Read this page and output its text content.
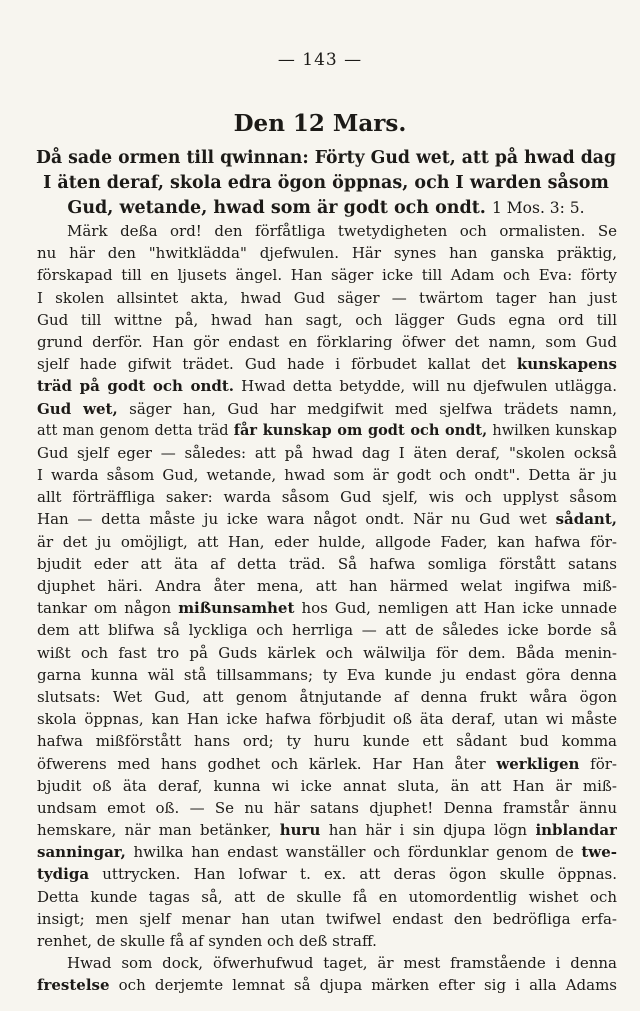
— 143 —
Den 12 Mars.
Då sade ormen till qwinnan: Förty Gud wet, att på hwad dag
I äten deraf, skola edra ögon öppnas, och I warden såsom
Gud, wetande, hwad som är godt och ondt. 1 Mos. 3: 5.
Märk deßa ord! den förfåtliga twetydigheten och ormalisten. Se
nu här den "hwitklädda" djefwulen. Här synes han ganska präktig,
förskapad till en ljusets ängel. Han säger icke till Adam och Eva: förty
I skolen allsintet akta, hwad Gud säger — twärtom tager han just
Gud till wittne på, hwad han sagt, och lägger Guds egna ord till
grund derför. Han gör endast en förklaring öfwer det namn, som Gud
sjelf hade gifwit trädet. Gud hade i förbudet kallat det kunskapens
träd på godt och ondt. Hwad detta betydde, will nu djefwulen utlägga.
Gud wet, säger han, Gud har medgifwit med sjelfwa trädets namn,
att man genom detta träd får kunskap om godt och ondt, hwilken kunskap
Gud sjelf eger — således: att på hwad dag I äten deraf, "skolen också
I warda såsom Gud, wetande, hwad som är godt och ondt". Detta är ju
allt förträffliga saker: warda såsom Gud sjelf, wis och upplyst såsom
Han — detta måste ju icke wara något ondt. När nu Gud wet sådant,
är det ju omöjligt, att Han, eder hulde, allgode Fader, kan hafwa för-
bjudit eder att äta af detta träd. Så hafwa somliga förstått satans
djuphet häri. Andra åter mena, att han härmed welat ingifwa miß-
tankar om någon mißunsamhet hos Gud, nemligen att Han icke unnade
dem att blifwa så lyckliga och herrliga — att de således icke borde så
wißt och fast tro på Guds kärlek och wälwilja för dem. Båda menin-
garna kunna wäl stå tillsammans; ty Eva kunde ju endast göra denna
slutsats: Wet Gud, att genom åtnjutande af denna frukt wåra ögon
skola öppnas, kan Han icke hafwa förbjudit oß äta deraf, utan wi måste
hafwa mißförstått hans ord; ty huru kunde ett sådant bud komma
öfwerens med hans godhet och kärlek. Har Han åter werkligen för-
bjudit oß äta deraf, kunna wi icke annat sluta, än att Han är miß-
undsam emot oß. — Se nu här satans djuphet! Denna framstår ännu
hemskare, när man betänker, huru han här i sin djupa lögn inblandar
sanningar, hwilka han endast wanställer och fördunklar genom de twe-
tydiga uttrycken. Han lofwar t. ex. att deras ögon skulle öppnas.
Detta kunde tagas så, att de skulle få en utomordentlig wishet och
insigt; men sjelf menar han utan twifwel endast den bedröfliga erfa-
renhet, de skulle få af synden och deß straff.
Hwad som dock, öfwerhufwud taget, är mest framstående i denna
frestelse och derjemte lemnat så djupa märken efter sig i alla Adams
